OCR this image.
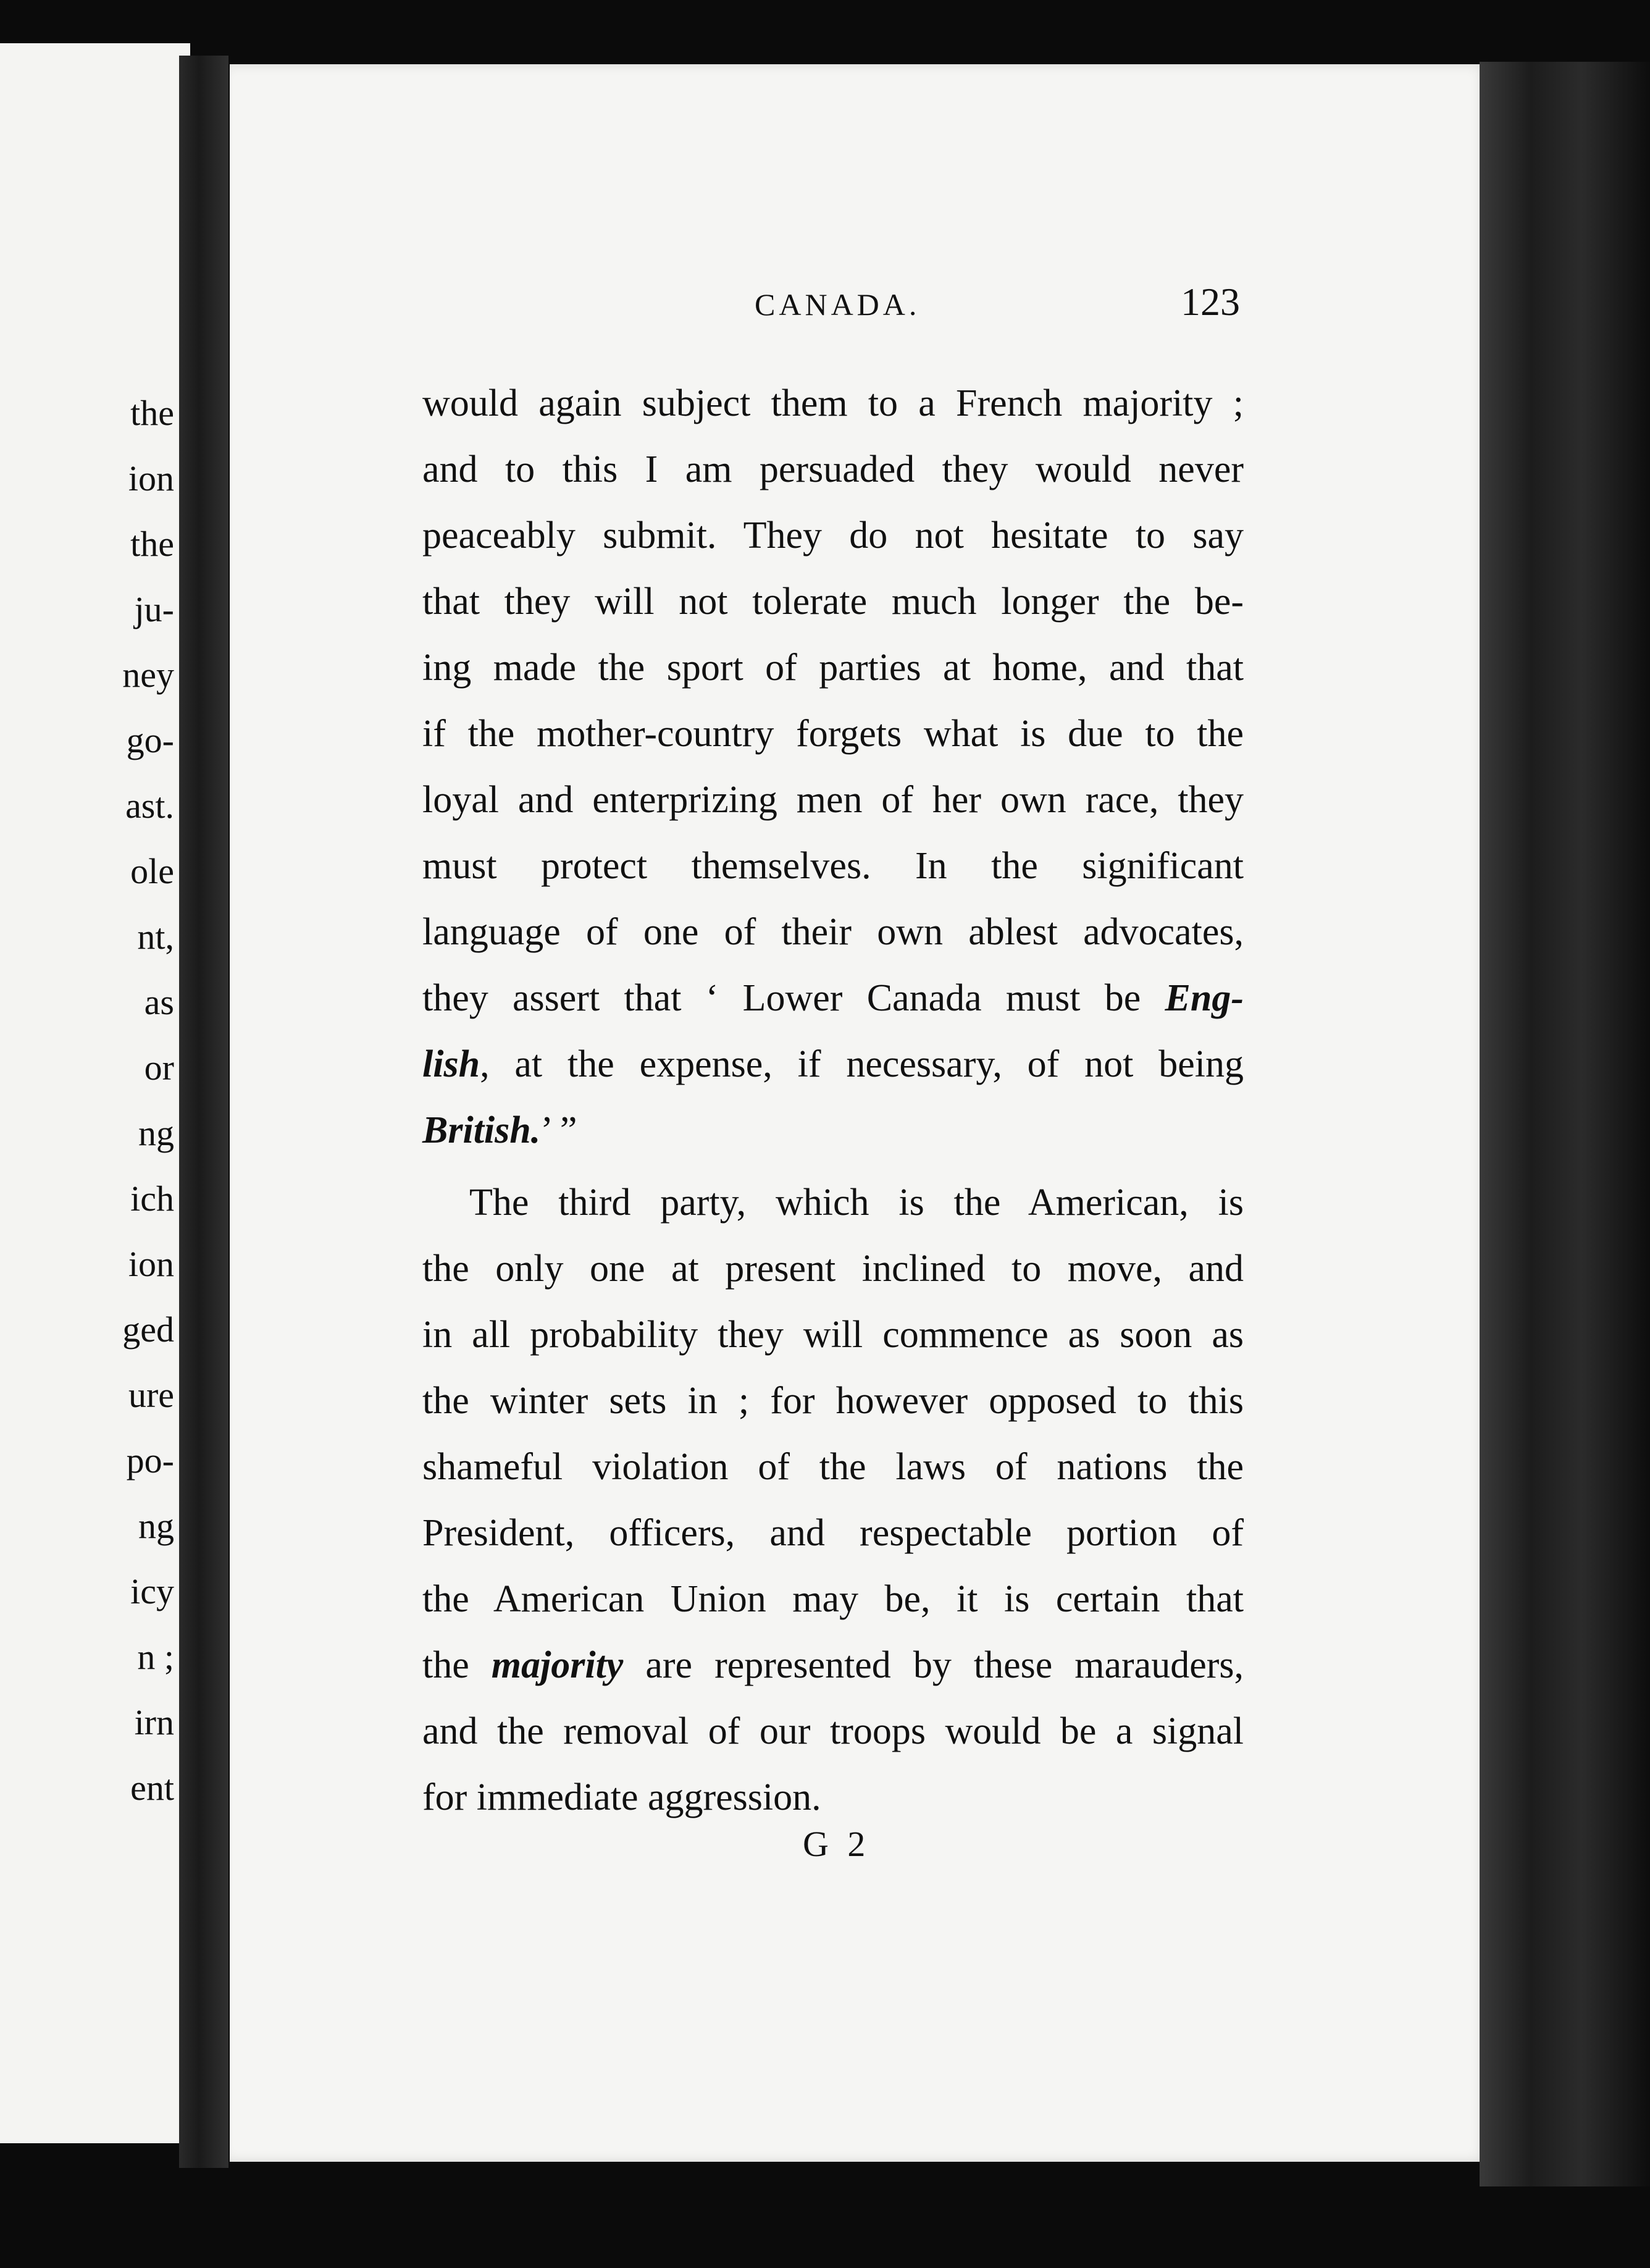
the
ion
the
ju-
ney
go-
ast.
ole
nt,
as
or
ng
ich
ion
ged
ure
po-
ng
icy
n ;
irn
ent
CANADA.	123
would again subject them to a French majority ;
and to this I am persuaded they would never
peaceably submit. They do not hesitate to say
that they will not tolerate much longer the be-
ing made the sport of parties at home, and that
if the mother-country forgets what is due to the
loyal and enterprizing men of her own race, they
must protect themselves. In the significant
language of one of their own ablest advocates,
they assert that ‘ Lower Canada must be Eng-
lish, at the expense, if necessary, of not being
British.’ ”
The third party, which is the American, is
the only one at present inclined to move, and
in all probability they will commence as soon as
the winter sets in ; for however opposed to this
shameful violation of the laws of nations the
President, officers, and respectable portion of
the American Union may be, it is certain that
the majority are represented by these marauders,
and the removal of our troops would be a signal
for immediate aggression.
G 2
